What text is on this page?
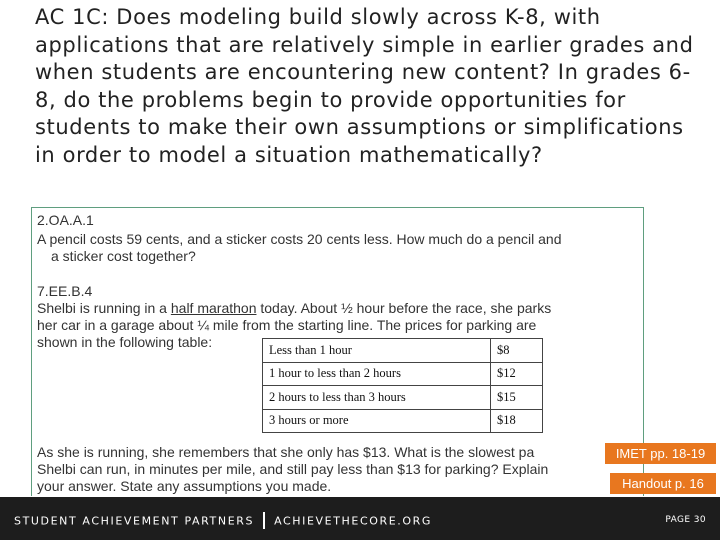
AC 1C: Does modeling build slowly across K-8, with applications that are relatively simple in earlier grades and when students are encountering new content? In grades 6-8, do the problems begin to provide opportunities for students to make their own assumptions or simplifications in order to model a situation mathematically?

2.OA.A.1

A pencil costs 59 cents, and a sticker costs 20 cents less. How much do a pencil and
a sticker cost together?

7.EE.B.4

Shelbi is running in a half marathon today. About ½ hour before the race, she parks
her car in a garage about ¼ mile from the starting line. The prices for parking are
shown in the following table:	Less than 1 hour	$8
1 hour to less than 2 hours	$12
2 hours to less than 3 hours	$15
3 hours or more	$18

As she is running, she remembers that she only has $13. What is the slowest pa
Shelbi can run, in minutes per mile, and still pay less than $13 for parking? Explain
your answer. State any assumptions you made.

IMET pp. 18-19
Handout p. 16
STUDENT ACHIEVEMENT PARTNERS ACHIEVETHECORE.ORG	PAGE 30
